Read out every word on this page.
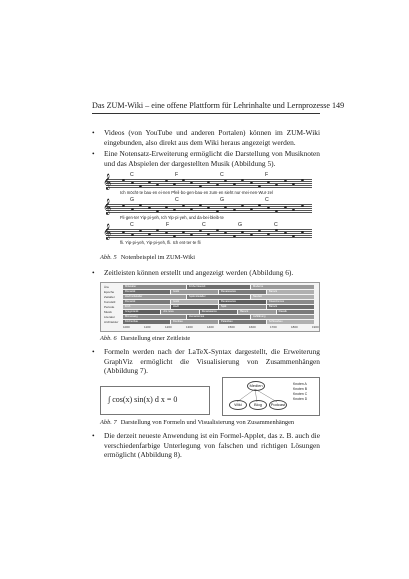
Das ZUM-Wiki – eine offene Plattform für Lehrinhalte und Lernprozesse 149
• Videos (von YouTube und anderen Portalen) können im ZUM-Wiki eingebunden, also direkt aus dem Wiki heraus angezeigt werden.
• Eine Notensatz-Erweiterung ermöglicht die Darstellung von Musiknoten und das Abspielen der dargestellten Musik (Abbildung 5).
𝄞	C	F	C	F
Ich möcht·te bau·en ei·nen Pfeil·bo·gen·bau·en zum·en sieht nur·mei·nen·Wur·zel
𝄞	G	C	G	C
Fli·gen·ter Yip·pi·yeh, Ich Yip·pi·yeh, und da·bei·bleib·te
𝄞	C	F	C	G	C
fli. Yip-pi-yeh, Yip-pi-yeh, fli. Ich ent·ter·te fli
Abb. 5 Notenbeispiel im ZUM-Wiki
• Zeitleisten können erstellt und angezeigt werden (Abbildung 6).
Ära	Mittelalter	Frühe Neuzeit	Moderne
Epoche	Romanik	Gotik	Renaissance	Barock
Zeitalter	Hochmittelalter	Spätmittelalter	Neuzeit
Kunststil	Romanik	Gotik	Renaissance	Klassizismus
Periode	Früh	Hoch	Spät	Barock
Musik	Gregorianik	Ars nova	Renaissance	Barock	Klassik
Literatur	Minnesang	Humanismus	Aufklärung
Architektur	Kirchenbau	Dombau	Palastbau	Schlossbau
1000	1100	1200	1300	1400	1500	1600	1700	1800	1900
Abb. 6 Darstellung einer Zeitleiste
• Formeln werden nach der LaTeX-Syntax dargestellt, die Erweiterung GraphViz ermöglicht die Visualisierung von Zusammenhängen (Abbildung 7).
∫ cos(x) sin(x) d x = 0
Medien
Wiki	Blog	Podcast
Knoten A
Knoten B
Knoten C
Knoten D
Abb. 7 Darstellung von Formeln und Visualisierung von Zusammenhängen
• Die derzeit neueste Anwendung ist ein Formel-Applet, das z. B. auch die verschiedenfarbige Unterlegung von falschen und richtigen Lösungen ermöglicht (Abbildung 8).
